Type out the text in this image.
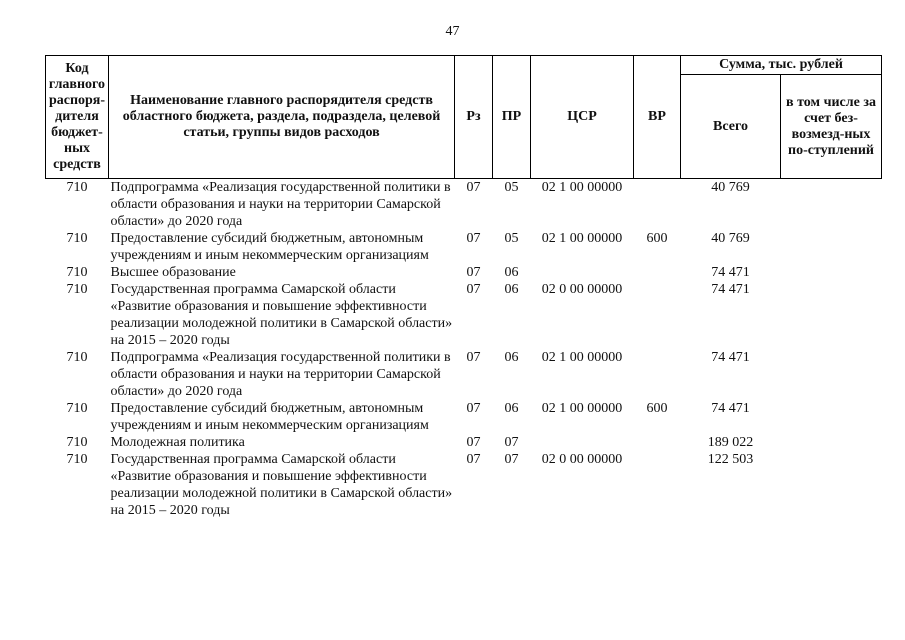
47
Код главного распоря-дителя бюджет-ных средств	Наименование главного распорядителя средств областного бюджета, раздела, подраздела, целевой статьи, группы видов расходов	Рз	ПР	ЦСР	ВР	Сумма, тыс. рублей	
						Всего	в том числе за счет без-возмезд-ных по-ступлений
710	Подпрограмма «Реализация государственной политики в области образования и науки на территории Самарской области» до 2020 года	07	05	02 1 00 00000		40 769	
710	Предоставление субсидий бюджетным, автономным учреждениям и иным некоммерческим организациям	07	05	02 1 00 00000	600	40 769	
710	Высшее образование	07	06			74 471	
710	Государственная программа Самарской области «Развитие образования и повышение эффективности реализации молодежной политики в Самарской области» на 2015 – 2020 годы	07	06	02 0 00 00000		74 471	
710	Подпрограмма «Реализация государственной политики в области образования и науки на территории Самарской области» до 2020 года	07	06	02 1 00 00000		74 471	
710	Предоставление субсидий бюджетным, автономным учреждениям и иным некоммерческим организациям	07	06	02 1 00 00000	600	74 471	
710	Молодежная политика	07	07			189 022	
710	Государственная программа Самарской области «Развитие образования и повышение эффективности реализации молодежной политики в Самарской области» на 2015 – 2020 годы	07	07	02 0 00 00000		122 503	
